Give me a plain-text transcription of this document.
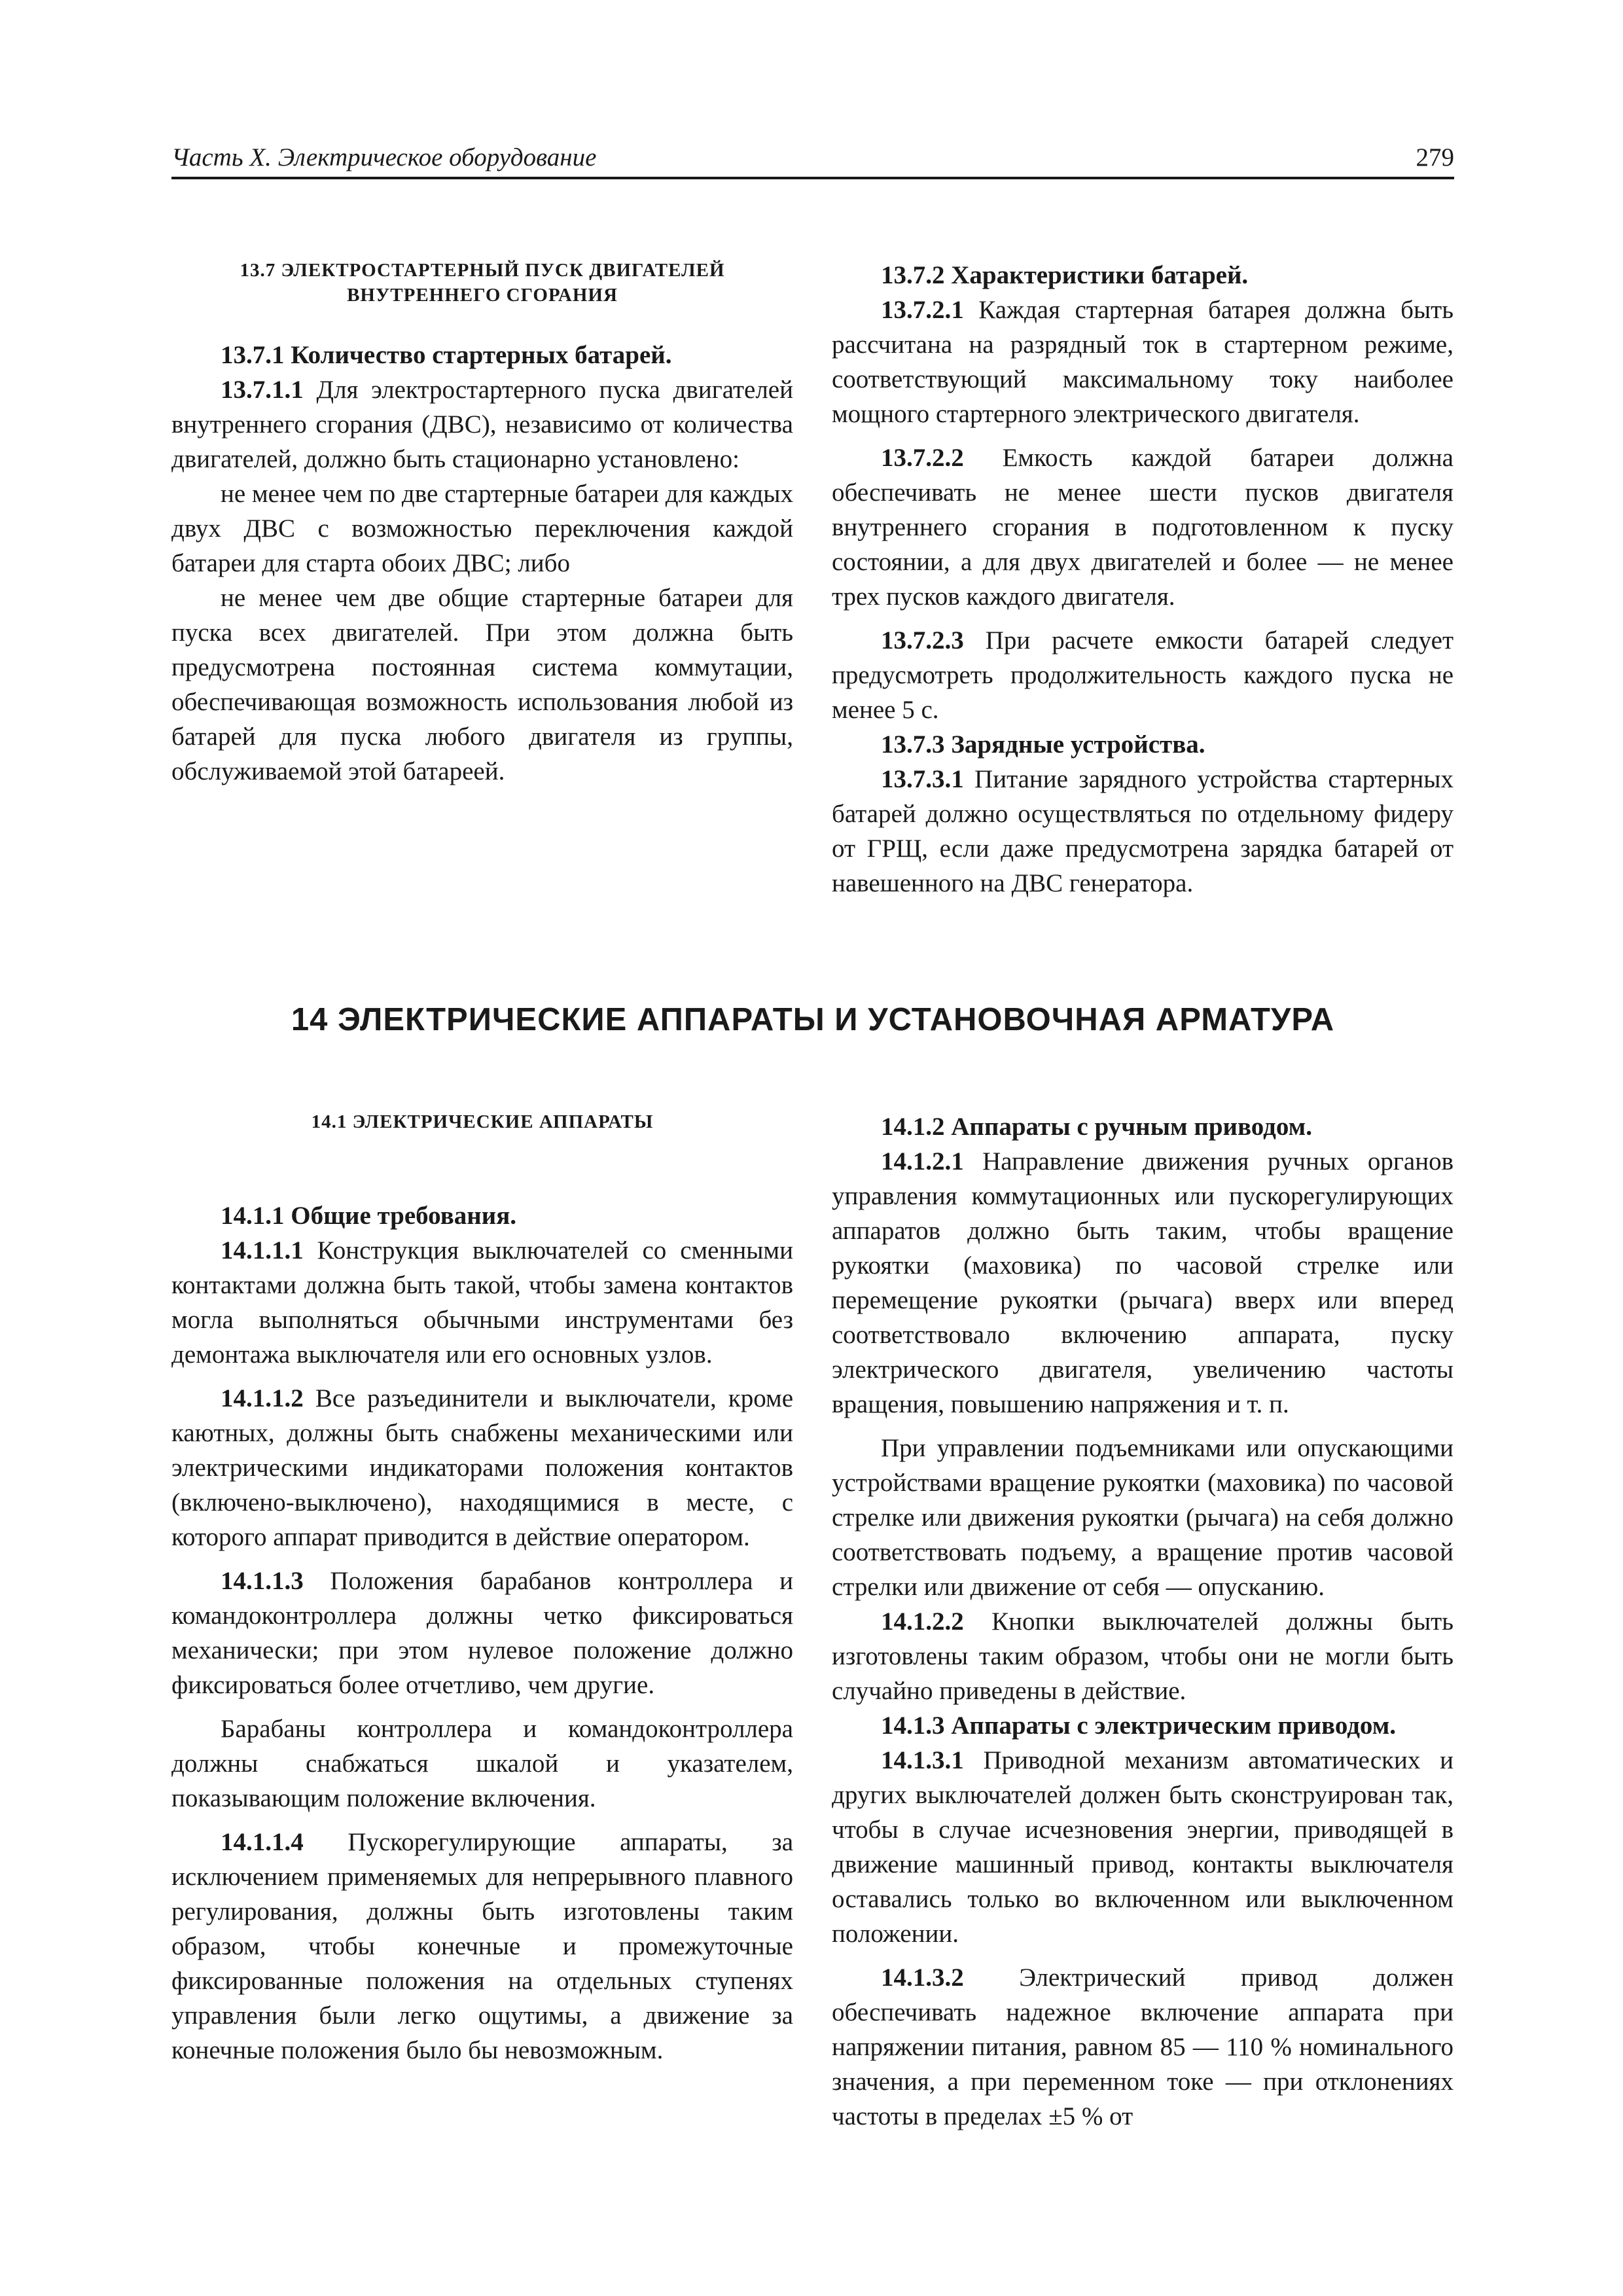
Часть X. Электрическое оборудование	279

13.7 ЭЛЕКТРОСТАРТЕРНЫЙ ПУСК ДВИГАТЕЛЕЙ

ВНУТРЕННЕГО СГОРАНИЯ

13.7.1 Количество стартерных батарей.

13.7.1.1 Для электростартерного пуска двигателей внутреннего сгорания (ДВС), независимо от количества двигателей, должно быть стационарно установлено:

не менее чем по две стартерные батареи для каждых двух ДВС с возможностью переключения каждой батареи для старта обоих ДВС; либо

не менее чем две общие стартерные батареи для пуска всех двигателей. При этом должна быть предусмотрена постоянная система коммутации, обеспечивающая возможность использования любой из батарей для пуска любого двигателя из группы, обслуживаемой этой батареей.

13.7.2 Характеристики батарей.

13.7.2.1 Каждая стартерная батарея должна быть рассчитана на разрядный ток в стартерном режиме, соответствующий максимальному току наиболее мощного стартерного электрического двигателя.

13.7.2.2 Емкость каждой батареи должна обеспечивать не менее шести пусков двигателя внутреннего сгорания в подготовленном к пуску состоянии, а для двух двигателей и более — не менее трех пусков каждого двигателя.

13.7.2.3 При расчете емкости батарей следует предусмотреть продолжительность каждого пуска не менее 5 с.

13.7.3 Зарядные устройства.

13.7.3.1 Питание зарядного устройства стартерных батарей должно осуществляться по отдельному фидеру от ГРЩ, если даже предусмотрена зарядка батарей от навешенного на ДВС генератора.

14 ЭЛЕКТРИЧЕСКИЕ АППАРАТЫ И УСТАНОВОЧНАЯ АРМАТУРА

14.1 ЭЛЕКТРИЧЕСКИЕ АППАРАТЫ

14.1.1 Общие требования.

14.1.1.1 Конструкция выключателей со сменными контактами должна быть такой, чтобы замена контактов могла выполняться обычными инструментами без демонтажа выключателя или его основных узлов.

14.1.1.2 Все разъединители и выключатели, кроме каютных, должны быть снабжены механическими или электрическими индикаторами положения контактов (включено-выключено), находящимися в месте, с которого аппарат приводится в действие оператором.

14.1.1.3 Положения барабанов контроллера и командоконтроллера должны четко фиксироваться механически; при этом нулевое положение должно фиксироваться более отчетливо, чем другие.

Барабаны контроллера и командоконтроллера должны снабжаться шкалой и указателем, показывающим положение включения.

14.1.1.4 Пускорегулирующие аппараты, за исключением применяемых для непрерывного плавного регулирования, должны быть изготовлены таким образом, чтобы конечные и промежуточные фиксированные положения на отдельных ступенях управления были легко ощутимы, а движение за конечные положения было бы невозможным.

14.1.2 Аппараты с ручным приводом.

14.1.2.1 Направление движения ручных органов управления коммутационных или пускорегулирующих аппаратов должно быть таким, чтобы вращение рукоятки (маховика) по часовой стрелке или перемещение рукоятки (рычага) вверх или вперед соответствовало включению аппарата, пуску электрического двигателя, увеличению частоты вращения, повышению напряжения и т. п.

При управлении подъемниками или опускающими устройствами вращение рукоятки (маховика) по часовой стрелке или движения рукоятки (рычага) на себя должно соответствовать подъему, а вращение против часовой стрелки или движение от себя — опусканию.

14.1.2.2 Кнопки выключателей должны быть изготовлены таким образом, чтобы они не могли быть случайно приведены в действие.

14.1.3 Аппараты с электрическим приводом.

14.1.3.1 Приводной механизм автоматических и других выключателей должен быть сконструирован так, чтобы в случае исчезновения энергии, приводящей в движение машинный привод, контакты выключателя оставались только во включенном или выключенном положении.

14.1.3.2 Электрический привод должен обеспечивать надежное включение аппарата при напряжении питания, равном 85 — 110 % номинального значения, а при переменном токе — при отклонениях частоты в пределах ±5 % от
